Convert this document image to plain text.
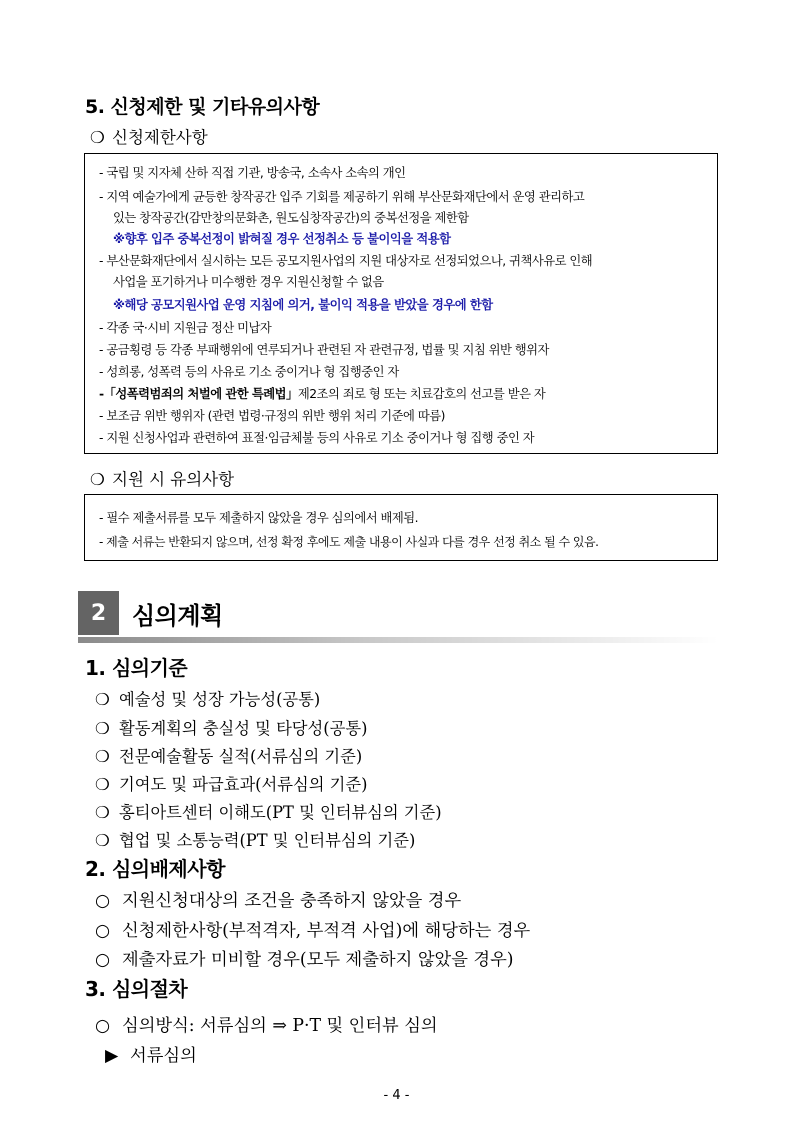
5. 신청제한 및 기타유의사항
❍ 신청제한사항
- 국립 및 지자체 산하 직접 기관, 방송국, 소속사 소속의 개인
- 지역 예술가에게 균등한 창작공간 입주 기회를 제공하기 위해 부산문화재단에서 운영 관리하고
있는 창작공간(감만창의문화촌, 원도심창작공간)의 중복선정을 제한함
※향후 입주 중복선정이 밝혀질 경우 선정취소 등 불이익을 적용함
- 부산문화재단에서 실시하는 모든 공모지원사업의 지원 대상자로 선정되었으나, 귀책사유로 인해
사업을 포기하거나 미수행한 경우 지원신청할 수 없음
※해당 공모지원사업 운영 지침에 의거, 불이익 적용을 받았을 경우에 한함
- 각종 국·시비 지원금 정산 미납자
- 공금횡령 등 각종 부패행위에 연루되거나 관련된 자 관련규정, 법률 및 지침 위반 행위자
- 성희롱, 성폭력 등의 사유로 기소 중이거나 형 집행중인 자
-「성폭력범죄의 처벌에 관한 특례법」제2조의 죄로 형 또는 치료감호의 선고를 받은 자
- 보조금 위반 행위자 (관련 법령·규정의 위반 행위 처리 기준에 따름)
- 지원 신청사업과 관련하여 표절·임금체불 등의 사유로 기소 중이거나 형 집행 중인 자
❍ 지원 시 유의사항
- 필수 제출서류를 모두 제출하지 않았을 경우 심의에서 배제됨.
- 제출 서류는 반환되지 않으며, 선정 확정 후에도 제출 내용이 사실과 다를 경우 선정 취소 될 수 있음.
2	심의계획
1. 심의기준
❍ 예술성 및 성장 가능성(공통)
❍ 활동계획의 충실성 및 타당성(공통)
❍ 전문예술활동 실적(서류심의 기준)
❍ 기여도 및 파급효과(서류심의 기준)
❍ 홍티아트센터 이해도(PT 및 인터뷰심의 기준)
❍ 협업 및 소통능력(PT 및 인터뷰심의 기준)
2. 심의배제사항
○ 지원신청대상의 조건을 충족하지 않았을 경우
○ 신청제한사항(부적격자, 부적격 사업)에 해당하는 경우
○ 제출자료가 미비할 경우(모두 제출하지 않았을 경우)
3. 심의절차
○ 심의방식: 서류심의 ⇒ P·T 및 인터뷰 심의
▶ 서류심의
- 4 -
